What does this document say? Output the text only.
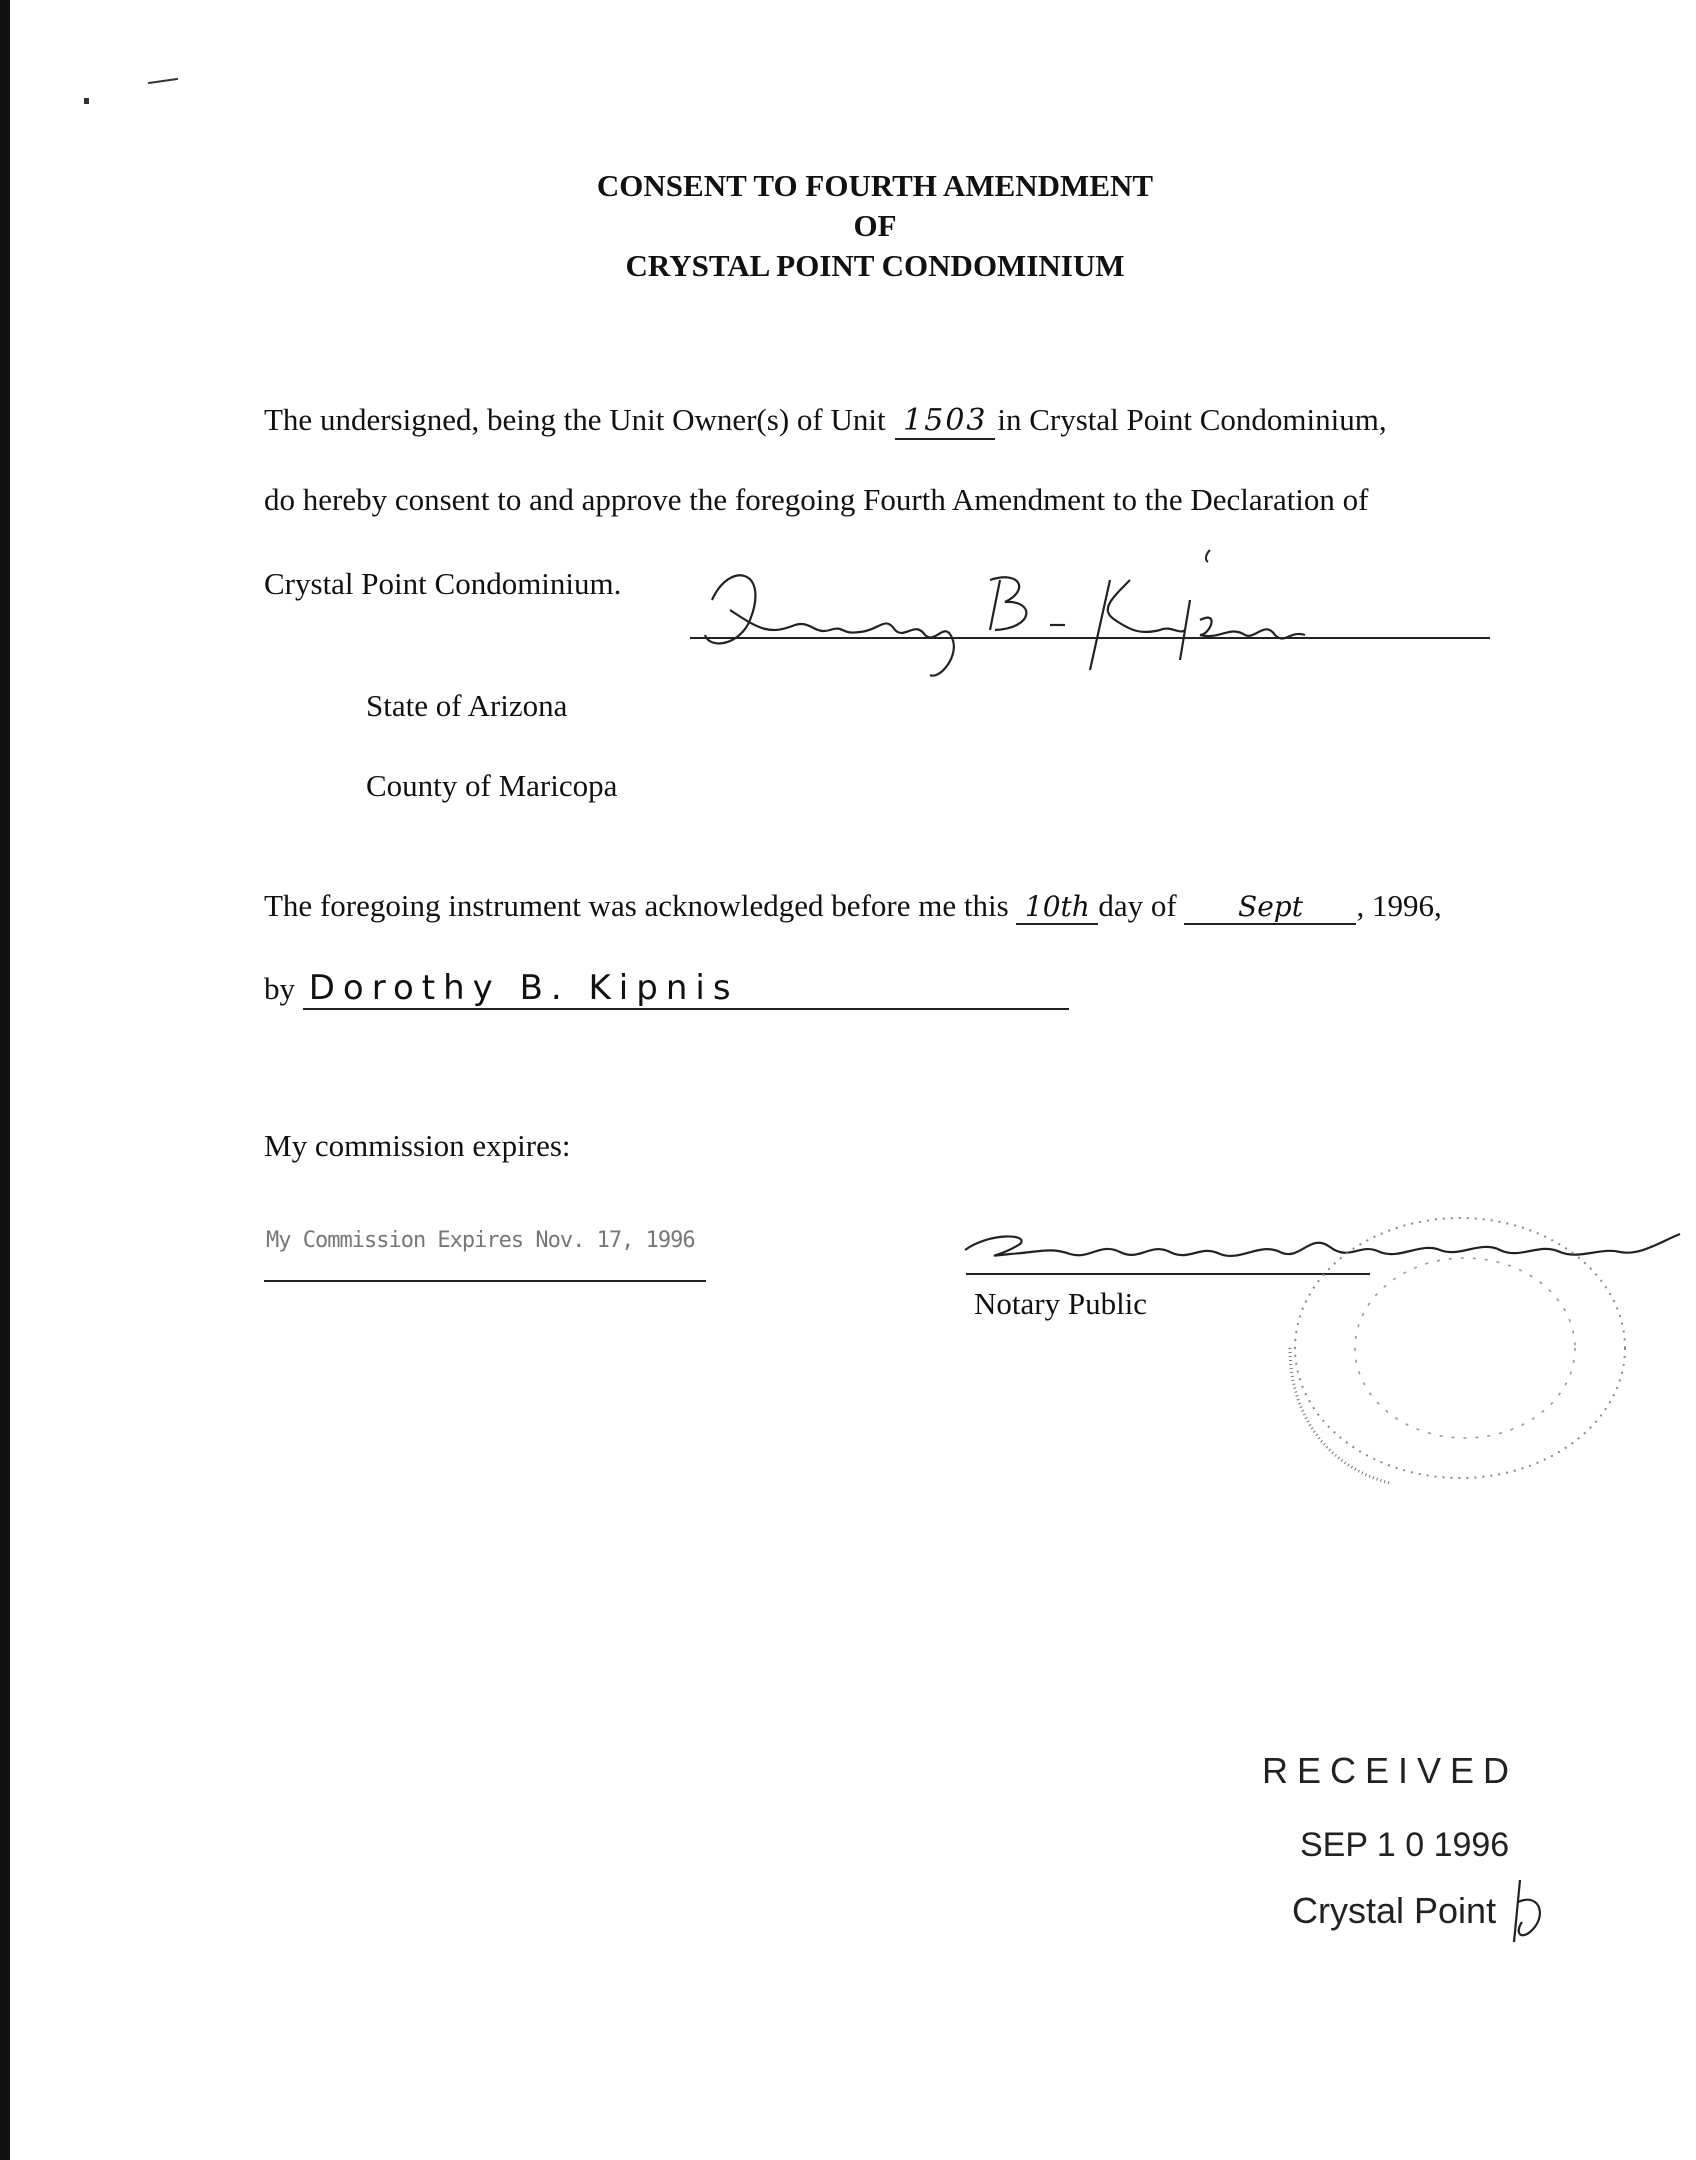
CONSENT TO FOURTH AMENDMENT
OF
CRYSTAL POINT CONDOMINIUM
The undersigned, being the Unit Owner(s) of Unit 1503 in Crystal Point Condominium,
do hereby consent to and approve the foregoing Fourth Amendment to the Declaration of
Crystal Point Condominium.
State of Arizona
County of Maricopa
The foregoing instrument was acknowledged before me this 10th day of Sept , 1996,
by Dorothy B. Kipnis
My commission expires:
My Commission Expires Nov. 17, 1996
Notary Public
RECEIVED
SEP 1 0 1996
Crystal Point
